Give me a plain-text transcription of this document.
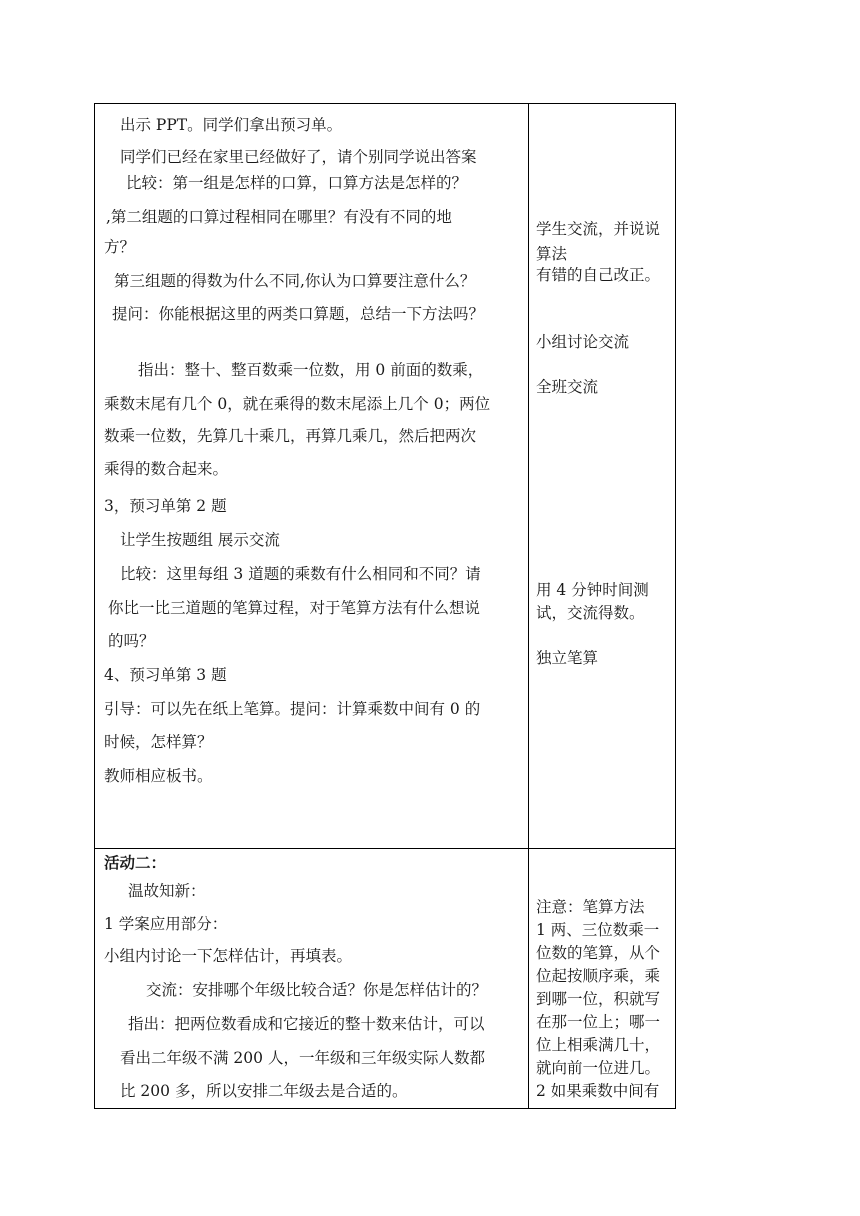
出示 PPT。同学们拿出预习单。
同学们已经在家里已经做好了，请个别同学说出答案
比较：第一组是怎样的口算，口算方法是怎样的？
,第二组题的口算过程相同在哪里？有没有不同的地
方？
第三组题的得数为什么不同,你认为口算要注意什么？
提问：你能根据这里的两类口算题，总结一下方法吗？
指出：整十、整百数乘一位数，用 0 前面的数乘，
乘数末尾有几个 0，就在乘得的数末尾添上几个 0；两位
数乘一位数，先算几十乘几，再算几乘几，然后把两次
乘得的数合起来。
3，预习单第 2 题
让学生按题组 展示交流
比较：这里每组 3 道题的乘数有什么相同和不同？请
你比一比三道题的笔算过程，对于笔算方法有什么想说
的吗？
4、预习单第 3 题
引导：可以先在纸上笔算。提问：计算乘数中间有 0 的
时候，怎样算？
教师相应板书。
学生交流，并说说
算法
有错的自己改正。
小组讨论交流
全班交流
用 4 分钟时间测
试，交流得数。
独立笔算
活动二：
温故知新：
1 学案应用部分：
小组内讨论一下怎样估计，再填表。
交流：安排哪个年级比较合适？你是怎样估计的？
指出：把两位数看成和它接近的整十数来估计，可以
看出二年级不满 200 人，一年级和三年级实际人数都
比 200 多，所以安排二年级去是合适的。
注意：笔算方法
1 两、三位数乘一
位数的笔算，从个
位起按顺序乘，乘
到哪一位，积就写
在那一位上；哪一
位上相乘满几十，
就向前一位进几。
2 如果乘数中间有
